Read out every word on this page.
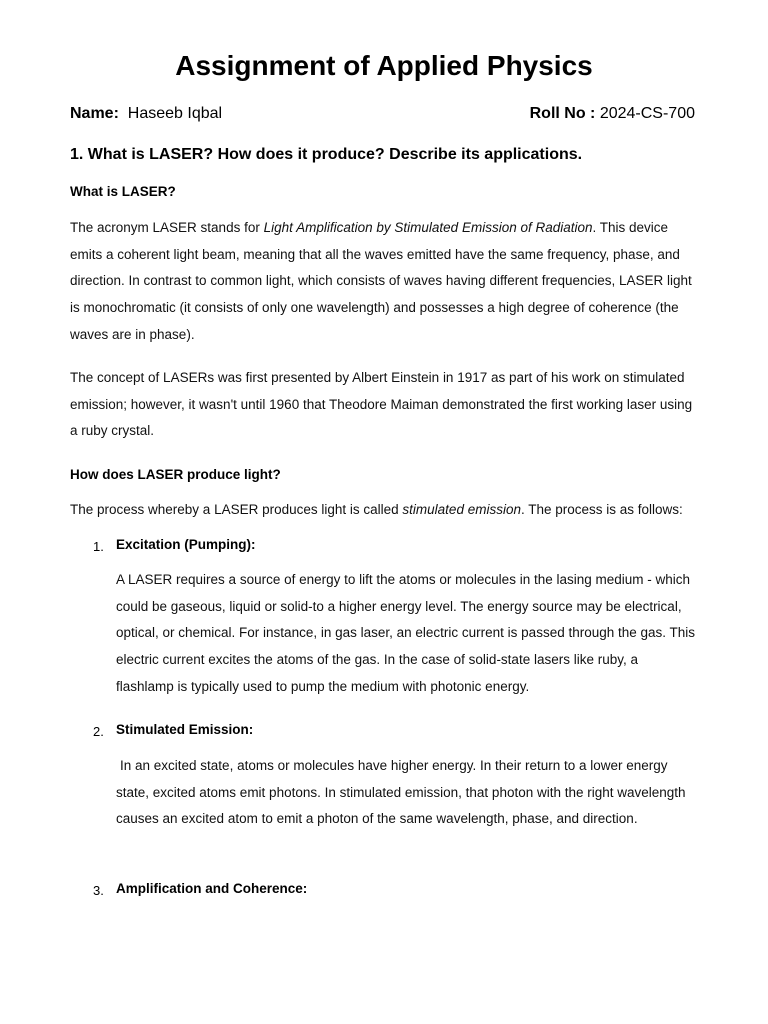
Assignment of Applied Physics
Name: Haseeb Iqbal	Roll No : 2024-CS-700
1. What is LASER? How does it produce? Describe its applications.
What is LASER?

The acronym LASER stands for Light Amplification by Stimulated Emission of Radiation. This device emits a coherent light beam, meaning that all the waves emitted have the same frequency, phase, and direction. In contrast to common light, which consists of waves having different frequencies, LASER light is monochromatic (it consists of only one wavelength) and possesses a high degree of coherence (the waves are in phase).

The concept of LASERs was first presented by Albert Einstein in 1917 as part of his work on stimulated emission; however, it wasn't until 1960 that Theodore Maiman demonstrated the first working laser using a ruby crystal.

How does LASER produce light?

The process whereby a LASER produces light is called stimulated emission. The process is as follows:

1. Excitation (Pumping):

A LASER requires a source of energy to lift the atoms or molecules in the lasing medium - which could be gaseous, liquid or solid-to a higher energy level. The energy source may be electrical, optical, or chemical. For instance, in gas laser, an electric current is passed through the gas. This electric current excites the atoms of the gas. In the case of solid-state lasers like ruby, a flashlamp is typically used to pump the medium with photonic energy.

2. Stimulated Emission:

In an excited state, atoms or molecules have higher energy. In their return to a lower energy state, excited atoms emit photons. In stimulated emission, that photon with the right wavelength causes an excited atom to emit a photon of the same wavelength, phase, and direction.

3. Amplification and Coherence:
